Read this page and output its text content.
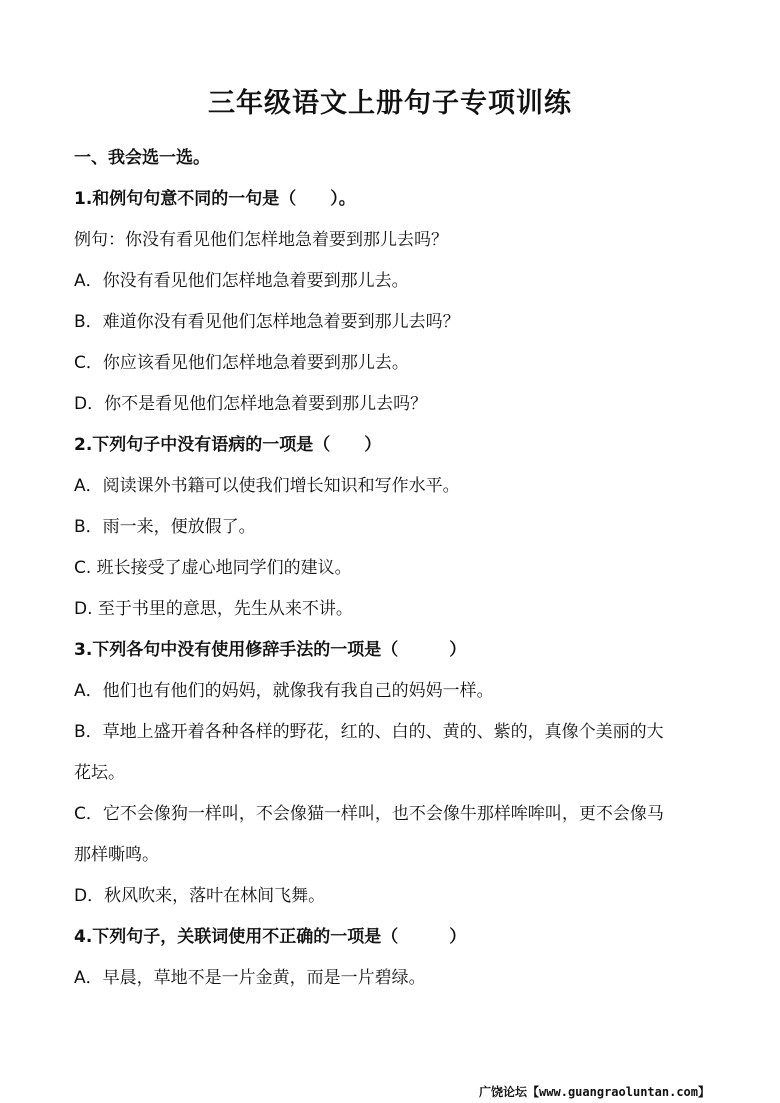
三年级语文上册句子专项训练
一、我会选一选。
1.和例句句意不同的一句是（　　）。
例句：你没有看见他们怎样地急着要到那儿去吗？
A．你没有看见他们怎样地急着要到那儿去。
B．难道你没有看见他们怎样地急着要到那儿去吗？
C．你应该看见他们怎样地急着要到那儿去。
D．你不是看见他们怎样地急着要到那儿去吗？
2.下列句子中没有语病的一项是（　　）
A．阅读课外书籍可以使我们增长知识和写作水平。
B．雨一来，便放假了。
C. 班长接受了虚心地同学们的建议。
D. 至于书里的意思，先生从来不讲。
3.下列各句中没有使用修辞手法的一项是（　　　）
A．他们也有他们的妈妈，就像我有我自己的妈妈一样。
B．草地上盛开着各种各样的野花，红的、白的、黄的、紫的，真像个美丽的大
花坛。
C．它不会像狗一样叫，不会像猫一样叫，也不会像牛那样哞哞叫，更不会像马
那样嘶鸣。
D．秋风吹来，落叶在林间飞舞。
4.下列句子，关联词使用不正确的一项是（　　　）
A．早晨，草地不是一片金黄，而是一片碧绿。
广饶论坛【www.guangraoluntan.com】
